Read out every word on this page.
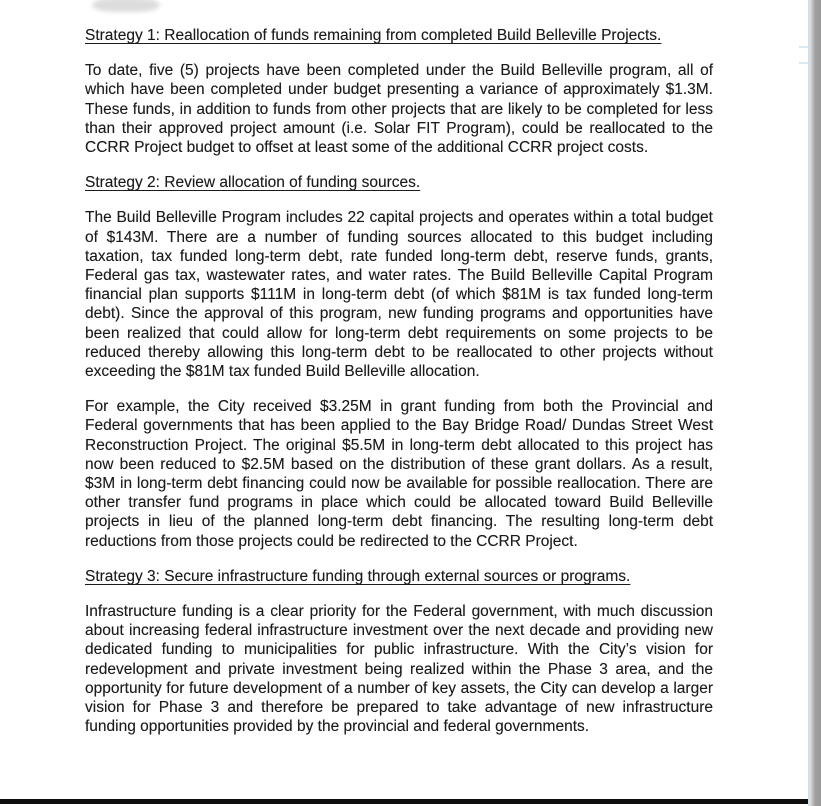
Strategy 1: Reallocation of funds remaining from completed Build Belleville Projects.

To date, five (5) projects have been completed under the Build Belleville program, all of which have been completed under budget presenting a variance of approximately $1.3M. These funds, in addition to funds from other projects that are likely to be completed for less than their approved project amount (i.e. Solar FIT Program), could be reallocated to the CCRR Project budget to offset at least some of the additional CCRR project costs.

Strategy 2: Review allocation of funding sources.

The Build Belleville Program includes 22 capital projects and operates within a total budget of $143M. There are a number of funding sources allocated to this budget including taxation, tax funded long-term debt, rate funded long-term debt, reserve funds, grants, Federal gas tax, wastewater rates, and water rates. The Build Belleville Capital Program financial plan supports $111M in long-term debt (of which $81M is tax funded long-term debt). Since the approval of this program, new funding programs and opportunities have been realized that could allow for long-term debt requirements on some projects to be reduced thereby allowing this long-term debt to be reallocated to other projects without exceeding the $81M tax funded Build Belleville allocation.

For example, the City received $3.25M in grant funding from both the Provincial and Federal governments that has been applied to the Bay Bridge Road/ Dundas Street West Reconstruction Project. The original $5.5M in long-term debt allocated to this project has now been reduced to $2.5M based on the distribution of these grant dollars. As a result, $3M in long-term debt financing could now be available for possible reallocation. There are other transfer fund programs in place which could be allocated toward Build Belleville projects in lieu of the planned long-term debt financing. The resulting long-term debt reductions from those projects could be redirected to the CCRR Project.

Strategy 3: Secure infrastructure funding through external sources or programs.

Infrastructure funding is a clear priority for the Federal government, with much discussion about increasing federal infrastructure investment over the next decade and providing new dedicated funding to municipalities for public infrastructure. With the City’s vision for redevelopment and private investment being realized within the Phase 3 area, and the opportunity for future development of a number of key assets, the City can develop a larger vision for Phase 3 and therefore be prepared to take advantage of new infrastructure funding opportunities provided by the provincial and federal governments.
